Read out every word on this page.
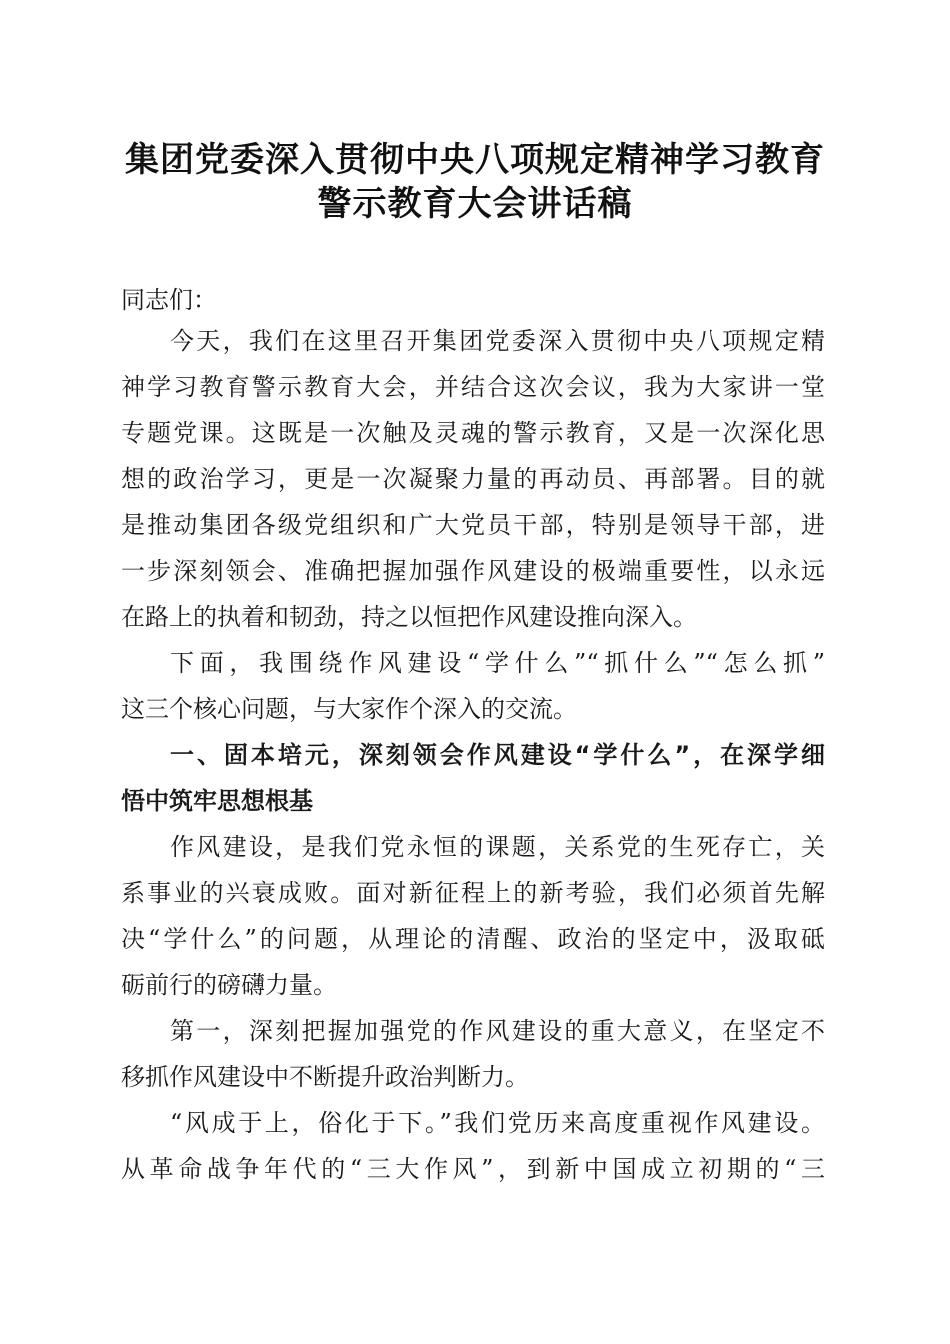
集团党委深入贯彻中央八项规定精神学习教育
警示教育大会讲话稿
同志们：
今天，我们在这里召开集团党委深入贯彻中央八项规定精
神学习教育警示教育大会，并结合这次会议，我为大家讲一堂
专题党课。这既是一次触及灵魂的警示教育，又是一次深化思
想的政治学习，更是一次凝聚力量的再动员、再部署。目的就
是推动集团各级党组织和广大党员干部，特别是领导干部，进
一步深刻领会、准确把握加强作风建设的极端重要性，以永远
在路上的执着和韧劲，持之以恒把作风建设推向深入。
下面，我围绕作风建设“学什么”“抓什么”“怎么抓”
这三个核心问题，与大家作个深入的交流。
一、固本培元，深刻领会作风建设“学什么”，在深学细
悟中筑牢思想根基
作风建设，是我们党永恒的课题，关系党的生死存亡，关
系事业的兴衰成败。面对新征程上的新考验，我们必须首先解
决“学什么”的问题，从理论的清醒、政治的坚定中，汲取砥
砺前行的磅礴力量。
第一，深刻把握加强党的作风建设的重大意义，在坚定不
移抓作风建设中不断提升政治判断力。
“风成于上，俗化于下。”我们党历来高度重视作风建设。
从革命战争年代的“三大作风”，到新中国成立初期的“三
